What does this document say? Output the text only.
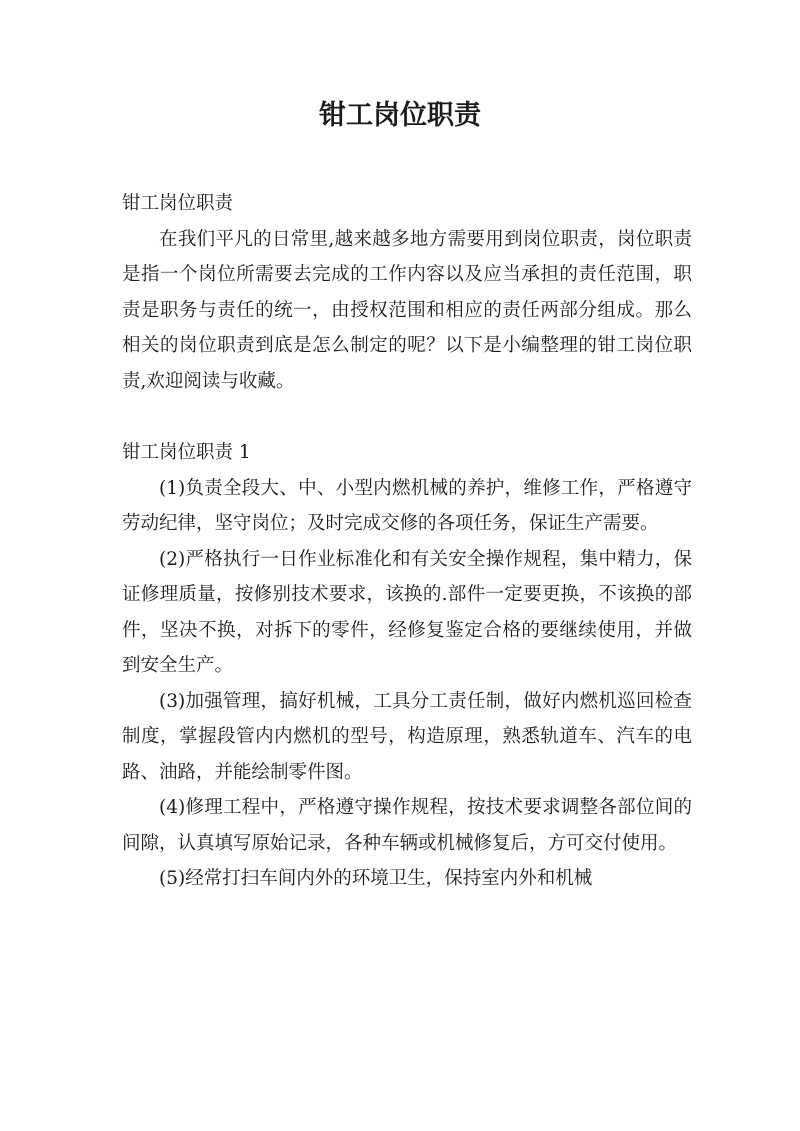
钳工岗位职责

钳工岗位职责

在我们平凡的日常里,越来越多地方需要用到岗位职责，岗位职责是指一个岗位所需要去完成的工作内容以及应当承担的责任范围，职责是职务与责任的统一，由授权范围和相应的责任两部分组成。那么相关的岗位职责到底是怎么制定的呢？以下是小编整理的钳工岗位职责,欢迎阅读与收藏。

钳工岗位职责 1

(1)负责全段大、中、小型内燃机械的养护，维修工作，严格遵守劳动纪律，坚守岗位；及时完成交修的各项任务，保证生产需要。

(2)严格执行一日作业标准化和有关安全操作规程，集中精力，保证修理质量，按修别技术要求，该换的.部件一定要更换，不该换的部件，坚决不换，对拆下的零件，经修复鉴定合格的要继续使用，并做到安全生产。

(3)加强管理，搞好机械，工具分工责任制，做好内燃机巡回检查制度，掌握段管内内燃机的型号，构造原理，熟悉轨道车、汽车的电路、油路，并能绘制零件图。

(4)修理工程中，严格遵守操作规程，按技术要求调整各部位间的间隙，认真填写原始记录，各种车辆或机械修复后，方可交付使用。

(5)经常打扫车间内外的环境卫生，保持室内外和机械
